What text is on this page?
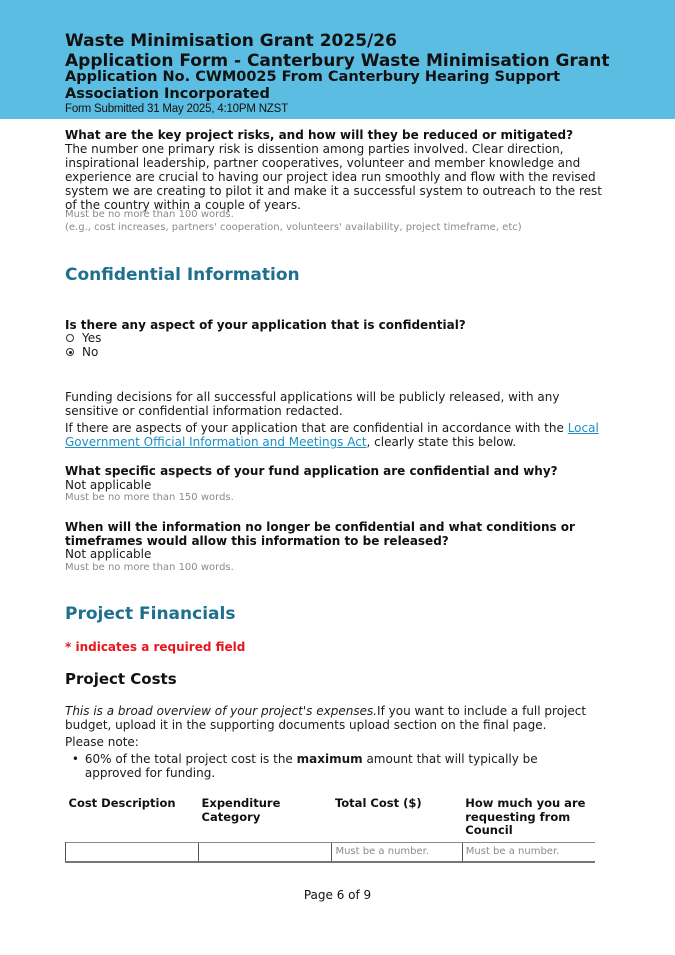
Waste Minimisation Grant 2025/26
Application Form - Canterbury Waste Minimisation Grant
Application No. CWM0025 From Canterbury Hearing Support Association Incorporated
Form Submitted 31 May 2025, 4:10PM NZST
What are the key project risks, and how will they be reduced or mitigated?
The number one primary risk is dissention among parties involved. Clear direction, inspirational leadership, partner cooperatives, volunteer and member knowledge and experience are crucial to having our project idea run smoothly and flow with the revised system we are creating to pilot it and make it a successful system to outreach to the rest of the country within a couple of years.
Must be no more than 100 words.
(e.g., cost increases, partners' cooperation, volunteers' availability, project timeframe, etc)
Confidential Information
Is there any aspect of your application that is confidential?
Yes
No
Funding decisions for all successful applications will be publicly released, with any sensitive or confidential information redacted.
If there are aspects of your application that are confidential in accordance with the Local Government Official Information and Meetings Act, clearly state this below.
What specific aspects of your fund application are confidential and why?
Not applicable
Must be no more than 150 words.
When will the information no longer be confidential and what conditions or timeframes would allow this information to be released?
Not applicable
Must be no more than 100 words.
Project Financials
* indicates a required field
Project Costs
This is a broad overview of your project's expenses.If you want to include a full project budget, upload it in the supporting documents upload section on the final page.
Please note:
• 60% of the total project cost is the maximum amount that will typically be approved for funding.
Cost Description	Expenditure Category	Total Cost ($)	How much you are requesting from Council
		Must be a number.	Must be a number.
Page 6 of 9
